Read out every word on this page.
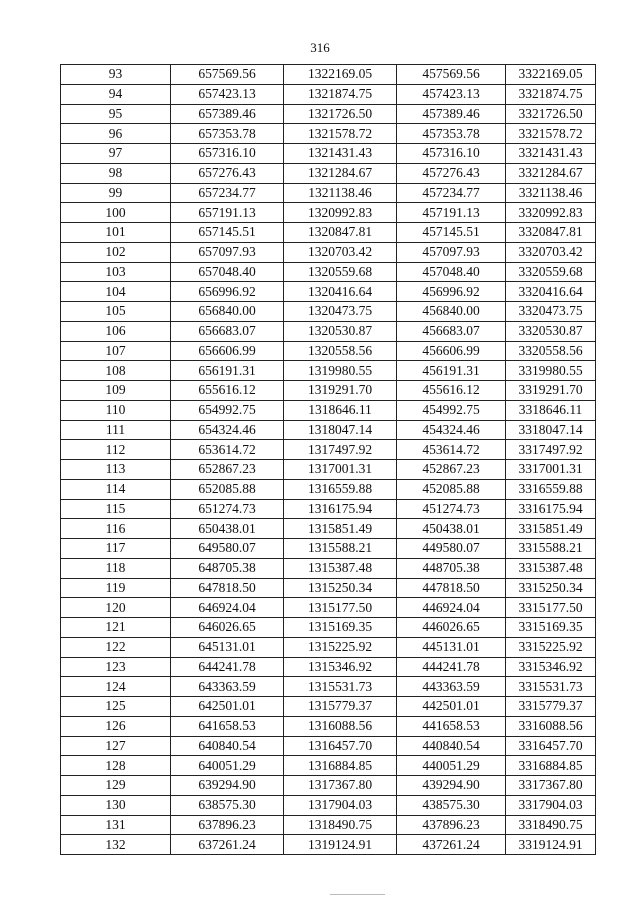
316
93	657569.56	1322169.05	457569.56	3322169.05
94	657423.13	1321874.75	457423.13	3321874.75
95	657389.46	1321726.50	457389.46	3321726.50
96	657353.78	1321578.72	457353.78	3321578.72
97	657316.10	1321431.43	457316.10	3321431.43
98	657276.43	1321284.67	457276.43	3321284.67
99	657234.77	1321138.46	457234.77	3321138.46
100	657191.13	1320992.83	457191.13	3320992.83
101	657145.51	1320847.81	457145.51	3320847.81
102	657097.93	1320703.42	457097.93	3320703.42
103	657048.40	1320559.68	457048.40	3320559.68
104	656996.92	1320416.64	456996.92	3320416.64
105	656840.00	1320473.75	456840.00	3320473.75
106	656683.07	1320530.87	456683.07	3320530.87
107	656606.99	1320558.56	456606.99	3320558.56
108	656191.31	1319980.55	456191.31	3319980.55
109	655616.12	1319291.70	455616.12	3319291.70
110	654992.75	1318646.11	454992.75	3318646.11
111	654324.46	1318047.14	454324.46	3318047.14
112	653614.72	1317497.92	453614.72	3317497.92
113	652867.23	1317001.31	452867.23	3317001.31
114	652085.88	1316559.88	452085.88	3316559.88
115	651274.73	1316175.94	451274.73	3316175.94
116	650438.01	1315851.49	450438.01	3315851.49
117	649580.07	1315588.21	449580.07	3315588.21
118	648705.38	1315387.48	448705.38	3315387.48
119	647818.50	1315250.34	447818.50	3315250.34
120	646924.04	1315177.50	446924.04	3315177.50
121	646026.65	1315169.35	446026.65	3315169.35
122	645131.01	1315225.92	445131.01	3315225.92
123	644241.78	1315346.92	444241.78	3315346.92
124	643363.59	1315531.73	443363.59	3315531.73
125	642501.01	1315779.37	442501.01	3315779.37
126	641658.53	1316088.56	441658.53	3316088.56
127	640840.54	1316457.70	440840.54	3316457.70
128	640051.29	1316884.85	440051.29	3316884.85
129	639294.90	1317367.80	439294.90	3317367.80
130	638575.30	1317904.03	438575.30	3317904.03
131	637896.23	1318490.75	437896.23	3318490.75
132	637261.24	1319124.91	437261.24	3319124.91
